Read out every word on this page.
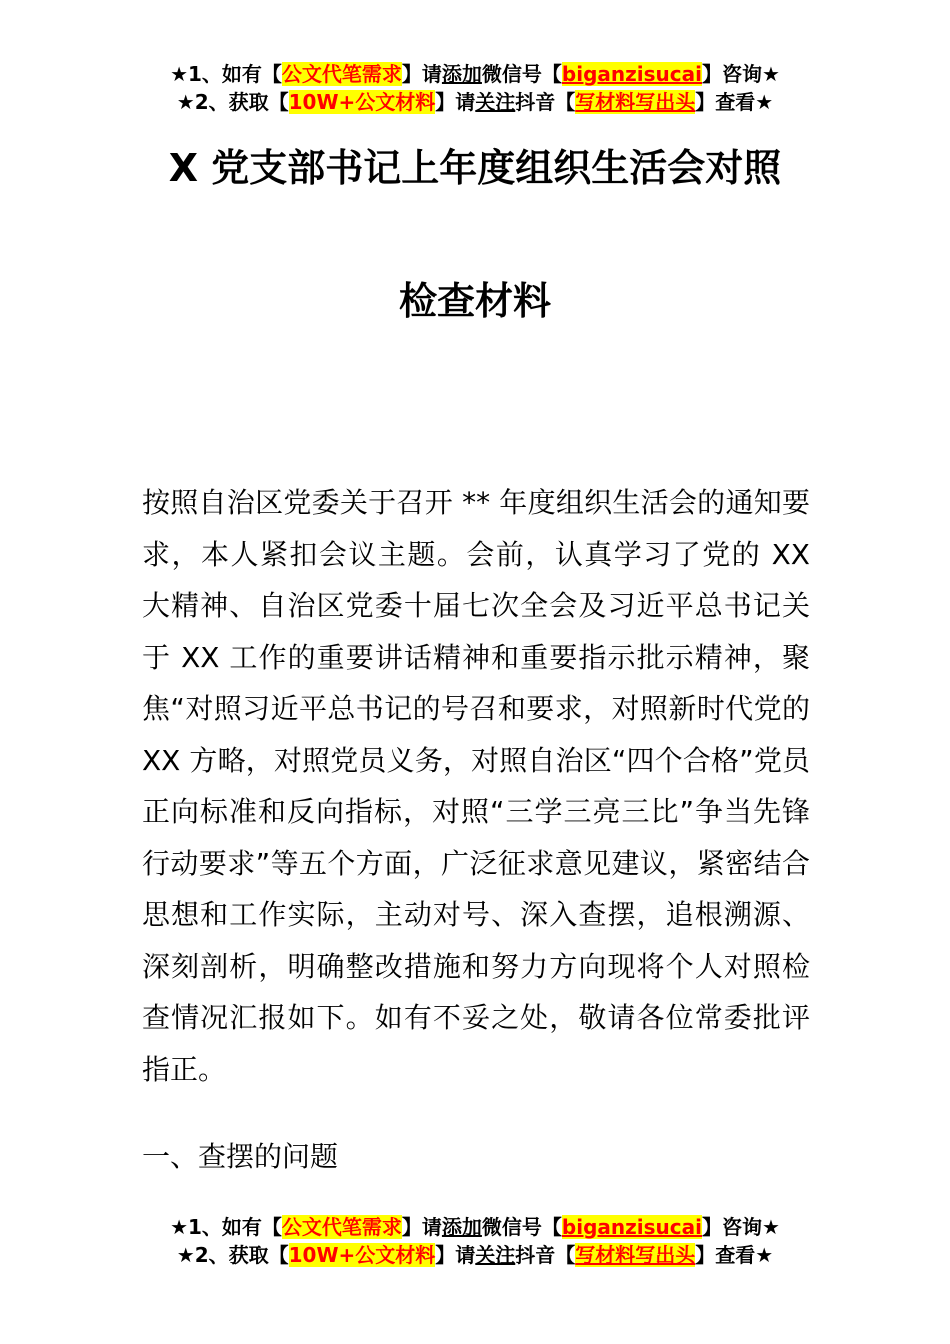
★1、如有【公文代笔需求】请添加微信号【biganzisucai】咨询★
★2、获取【10W+公文材料】请关注抖音【写材料写出头】查看★
X 党支部书记上年度组织生活会对照
检查材料

按照自治区党委关于召开 ** 年度组织生活会的通知要求，本人紧扣会议主题。会前，认真学习了党的 XX 大精神、自治区党委十届七次全会及习近平总书记关于 XX 工作的重要讲话精神和重要指示批示精神，聚焦“对照习近平总书记的号召和要求，对照新时代党的 XX 方略，对照党员义务，对照自治区“四个合格”党员正向标准和反向指标，对照“三学三亮三比”争当先锋行动要求”等五个方面，广泛征求意见建议，紧密结合思想和工作实际，主动对号、深入查摆，追根溯源、深刻剖析，明确整改措施和努力方向现将个人对照检查情况汇报如下。如有不妥之处，敬请各位常委批评指正。

一、查摆的问题

★1、如有【公文代笔需求】请添加微信号【biganzisucai】咨询★
★2、获取【10W+公文材料】请关注抖音【写材料写出头】查看★
